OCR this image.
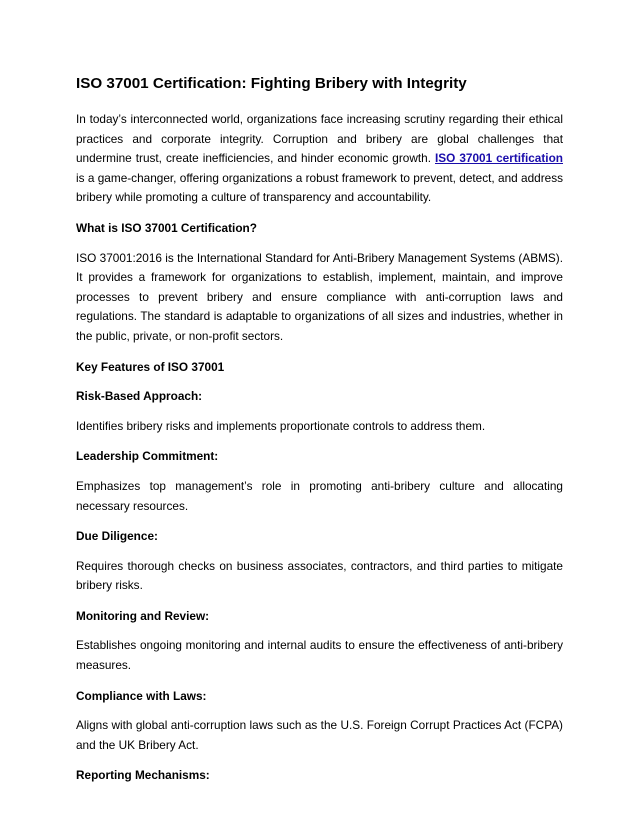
ISO 37001 Certification: Fighting Bribery with Integrity

In today’s interconnected world, organizations face increasing scrutiny regarding their ethical practices and corporate integrity. Corruption and bribery are global challenges that undermine trust, create inefficiencies, and hinder economic growth. ISO 37001 certification is a game-changer, offering organizations a robust framework to prevent, detect, and address bribery while promoting a culture of transparency and accountability.

What is ISO 37001 Certification?

ISO 37001:2016 is the International Standard for Anti-Bribery Management Systems (ABMS). It provides a framework for organizations to establish, implement, maintain, and improve processes to prevent bribery and ensure compliance with anti-corruption laws and regulations. The standard is adaptable to organizations of all sizes and industries, whether in the public, private, or non-profit sectors.

Key Features of ISO 37001
Risk-Based Approach:

Identifies bribery risks and implements proportionate controls to address them.

Leadership Commitment:

Emphasizes top management’s role in promoting anti-bribery culture and allocating necessary resources.

Due Diligence:

Requires thorough checks on business associates, contractors, and third parties to mitigate bribery risks.

Monitoring and Review:

Establishes ongoing monitoring and internal audits to ensure the effectiveness of anti-bribery measures.

Compliance with Laws:

Aligns with global anti-corruption laws such as the U.S. Foreign Corrupt Practices Act (FCPA) and the UK Bribery Act.

Reporting Mechanisms:
